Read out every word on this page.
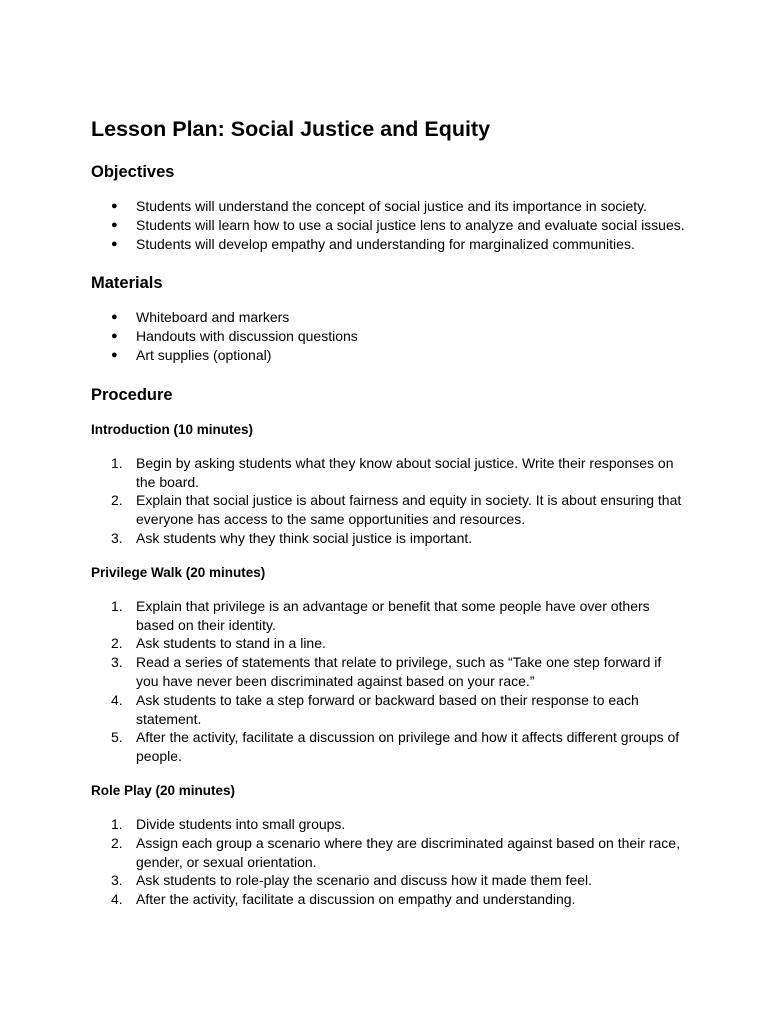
Lesson Plan: Social Justice and Equity
Objectives
● Students will understand the concept of social justice and its importance in society.
● Students will learn how to use a social justice lens to analyze and evaluate social issues.
● Students will develop empathy and understanding for marginalized communities.
Materials
● Whiteboard and markers
● Handouts with discussion questions
● Art supplies (optional)
Procedure
Introduction (10 minutes)
1. Begin by asking students what they know about social justice. Write their responses on
the board.
2. Explain that social justice is about fairness and equity in society. It is about ensuring that
everyone has access to the same opportunities and resources.
3. Ask students why they think social justice is important.
Privilege Walk (20 minutes)
1. Explain that privilege is an advantage or benefit that some people have over others
based on their identity.
2. Ask students to stand in a line.
3. Read a series of statements that relate to privilege, such as “Take one step forward if
you have never been discriminated against based on your race.”
4. Ask students to take a step forward or backward based on their response to each
statement.
5. After the activity, facilitate a discussion on privilege and how it affects different groups of
people.
Role Play (20 minutes)
1. Divide students into small groups.
2. Assign each group a scenario where they are discriminated against based on their race,
gender, or sexual orientation.
3. Ask students to role-play the scenario and discuss how it made them feel.
4. After the activity, facilitate a discussion on empathy and understanding.
